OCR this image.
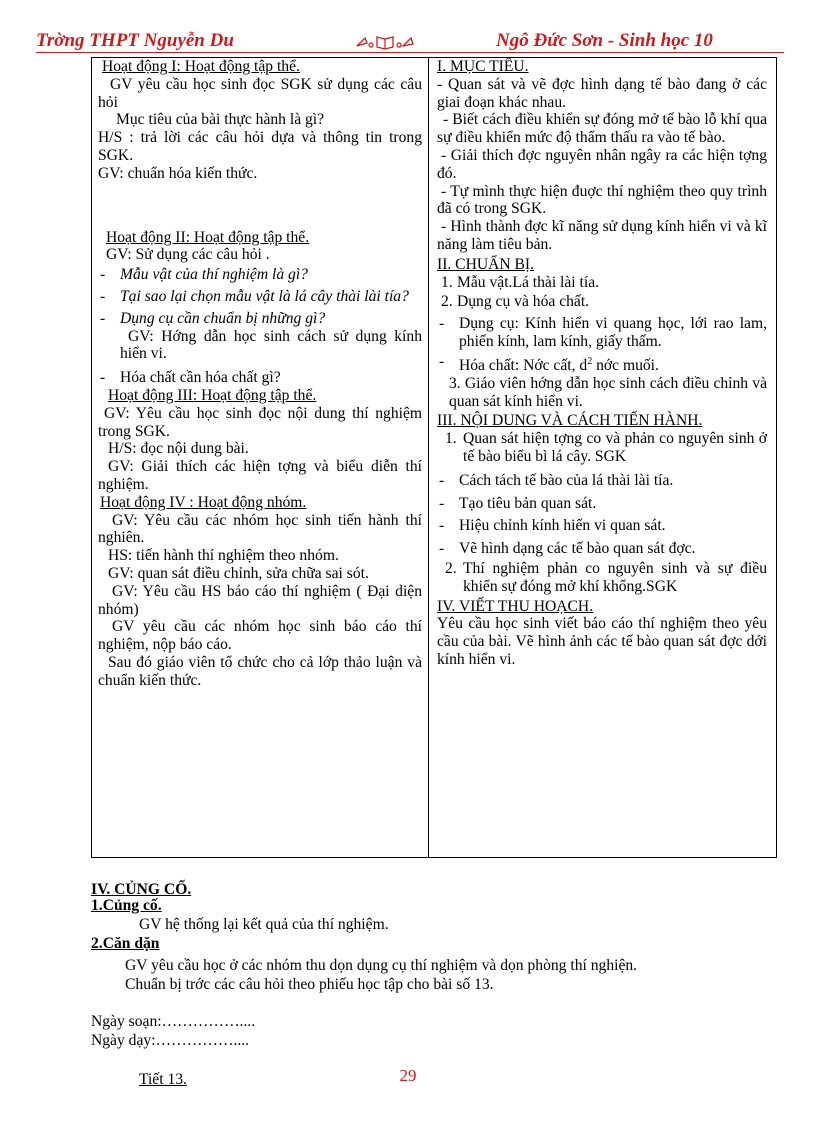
Trờng THPT Nguyễn Du	Ngô Đức Sơn - Sinh học 10

Hoạt động I: Hoạt động tập thể.

GV yêu cầu học sinh đọc SGK sử dụng các câu hỏi

Mục tiêu của bài thực hành là gì?

H/S : trả lời các câu hỏi dựa và thông tin trong SGK.

GV: chuẩn hóa kiến thức.

Hoạt động II: Hoạt động tập thể.

GV: Sử dụng các câu hỏi .

- Mẫu vật của thí nghiệm là gì?
- Tại sao lại chọn mẫu vật là lá cây thài lài tía?
- Dụng cụ cần chuẩn bị những gì?

GV: Hớng dẫn học sinh cách sử dụng kính hiển vi.

- Hóa chất cần hóa chất gì?

Hoạt động III: Hoạt động tập thể.

GV: Yêu cầu học sinh đọc nội dung thí nghiệm trong SGK.

H/S: đọc nội dung bài.

GV: Giải thích các hiện tợng và biểu diễn thí nghiệm.

Hoạt động IV : Hoạt động nhóm.

GV: Yêu cầu các nhóm học sinh tiến hành thí nghiên.

HS: tiến hành thí nghiệm theo nhóm.

GV: quan sát điều chỉnh, sửa chữa sai sót.

GV: Yêu cầu HS báo cáo thí nghiệm ( Đại diện nhóm)

GV yêu cầu các nhóm học sinh báo cáo thí nghiệm, nộp báo cáo.

Sau đó giáo viên tổ chức cho cả lớp thảo luận và chuẩn kiến thức.

I. MỤC TIÊU.

- Quan sát và vẽ đợc hình dạng tế bào đang ở các giai đoạn khác nhau.

- Biết cách điều khiển sự đóng mở tế bào lỗ khí qua sự điều khiển mức độ thẩm thấu ra vào tế bào.

- Giải thích đợc nguyên nhân ngây ra các hiện tợng đó.

- Tự mình thực hiện đuợc thí nghiệm theo quy trình đã có trong SGK.

- Hình thành đợc kĩ năng sử dụng kính hiển vi và kĩ năng làm tiêu bản.

II. CHUẨN BỊ.

1. Mẫu vật.Lá thài lài tía.

2. Dụng cụ và hóa chất.

- Dụng cụ: Kính hiển vi quang học, lới rao lam, phiến kính, lam kính, giấy thấm.
- Hóa chất: Nớc cất, $d^2$ nớc muối.

3. Giáo viên hớng dẫn học sinh cách điều chỉnh và quan sát kính hiển vi.

III. NỘI DUNG VÀ CÁCH TIẾN HÀNH.

1. Quan sát hiện tợng co và phản co nguyên sinh ở tế bào biểu bì lá cây. SGK

- Cách tách tế bào của lá thài lài tía.
- Tạo tiêu bản quan sát.
- Hiệu chỉnh kính hiển vi quan sát.
- Vẽ hình dạng các tế bào quan sát đợc.

2. Thí nghiệm phản co nguyên sinh và sự điều khiển sự đóng mở khí khổng.SGK

IV. VIẾT THU HOẠCH.

Yêu cầu học sinh viết báo cáo thí nghiệm theo yêu cầu của bài. Vẽ hình ảnh các tế bào quan sát đợc dới kính hiển vi.

IV. CỦNG CỐ.

1.Củng cố.

GV hệ thống lại kết quả của thí nghiệm.

2.Căn dặn

GV yêu cầu học ở các nhóm thu dọn dụng cụ thí nghiệm và dọn phòng thí nghiện.

Chuẩn bị trớc các câu hỏi theo phiếu học tập cho bài số 13.

Ngày soạn:……………....

Ngày dạy:……………....

Tiết 13.	29
